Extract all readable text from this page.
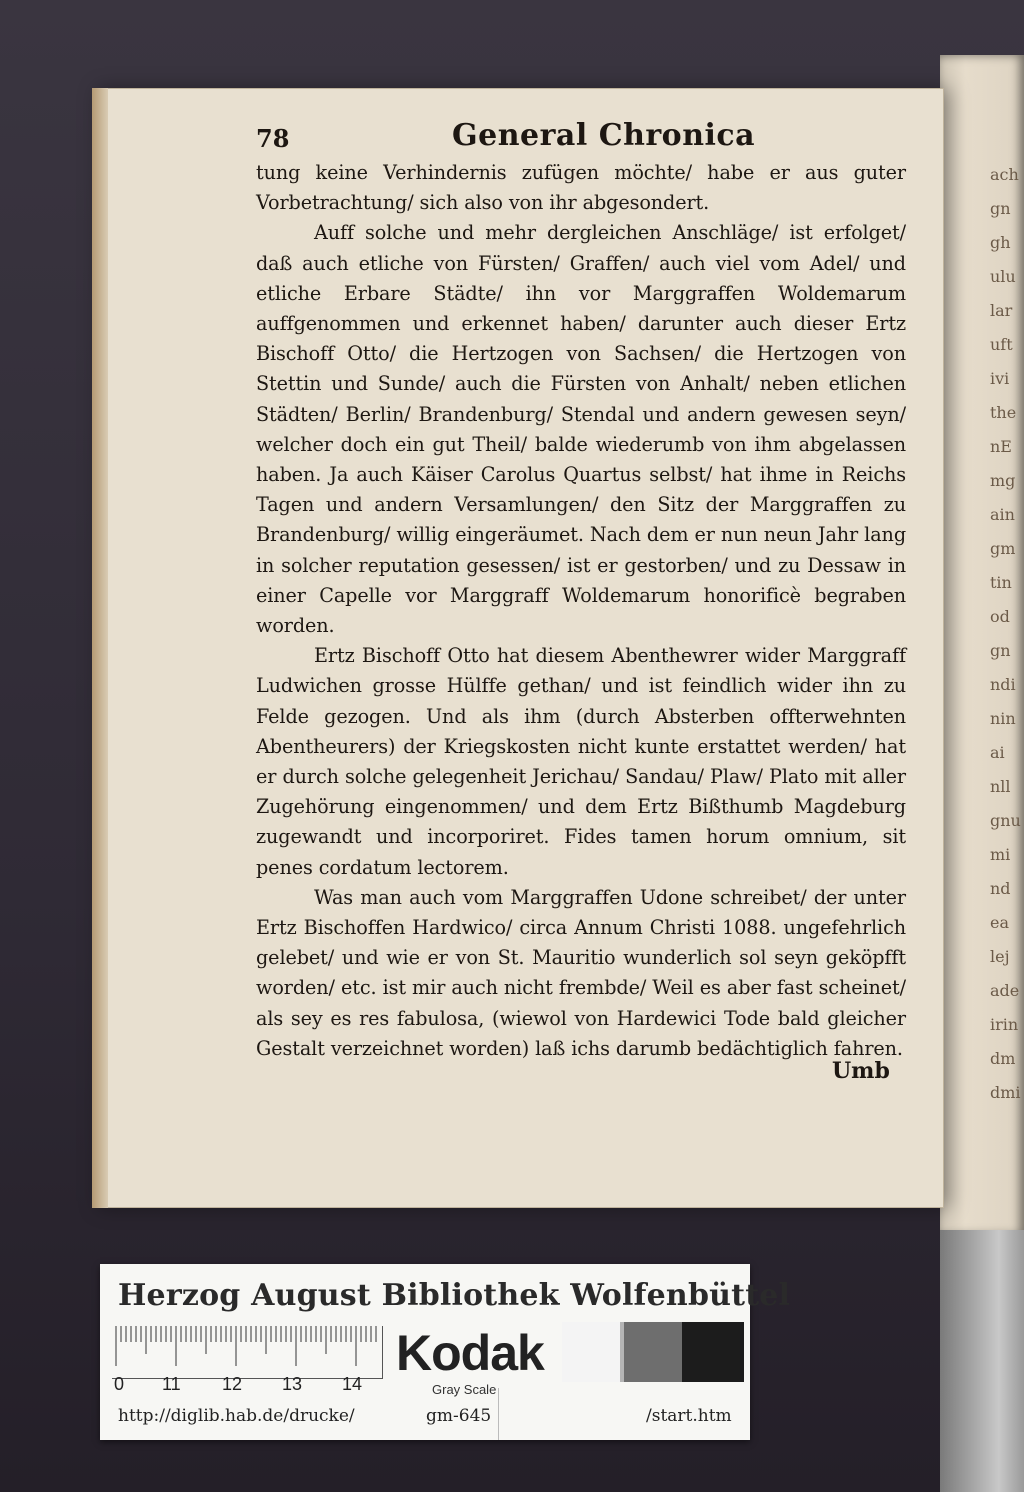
ach
gn
gh
ulu
lar
uft
ivi
the
nE
mg
ain
gm
tin
od
gn
ndi
nin
ai
nll
gnu
mi
nd
ea
lej
ade
irin
dm
dmi
78	General Chronica

tung keine Verhindernis zufügen möchte/ habe er aus guter Vorbetrachtung/ sich also von ihr abgesondert.

Auff solche und mehr dergleichen Anschläge/ ist erfolget/ daß auch etliche von Fürsten/ Graffen/ auch viel vom Adel/ und etliche Erbare Städte/ ihn vor Marggraffen Woldemarum auffgenommen und erkennet haben/ darunter auch dieser Ertz Bischoff Otto/ die Hertzogen von Sachsen/ die Hertzogen von Stettin und Sunde/ auch die Fürsten von Anhalt/ neben etlichen Städten/ Berlin/ Brandenburg/ Stendal und andern gewesen seyn/ welcher doch ein gut Theil/ balde wiederumb von ihm abgelassen haben. Ja auch Käiser Carolus Quartus selbst/ hat ihme in Reichs Tagen und andern Versamlungen/ den Sitz der Marggraffen zu Brandenburg/ willig eingeräumet. Nach dem er nun neun Jahr lang in solcher reputation gesessen/ ist er gestorben/ und zu Dessaw in einer Capelle vor Marggraff Woldemarum honorificè begraben worden.

Ertz Bischoff Otto hat diesem Abenthewrer wider Marggraff Ludwichen grosse Hülffe gethan/ und ist feindlich wider ihn zu Felde gezogen. Und als ihm (durch Absterben offterwehnten Abentheurers) der Kriegskosten nicht kunte erstattet werden/ hat er durch solche gelegenheit Jerichau/ Sandau/ Plaw/ Plato mit aller Zugehörung eingenommen/ und dem Ertz Bißthumb Magdeburg zugewandt und incorporiret. Fides tamen horum omnium, sit penes cordatum lectorem.

Was man auch vom Marggraffen Udone schreibet/ der unter Ertz Bischoffen Hardwico/ circa Annum Christi 1088. ungefehrlich gelebet/ und wie er von St. Mauritio wunderlich sol seyn geköpfft worden/ etc. ist mir auch nicht frembde/ Weil es aber fast scheinet/ als sey es res fabulosa, (wiewol von Hardewici Tode bald gleicher Gestalt verzeichnet worden) laß ichs darumb bedächtiglich fahren.

Umb
Herzog August Bibliothek Wolfenbüttel
0 11 12 13 14
Kodak
Gray Scale
http://diglib.hab.de/drucke/	gm-645	/start.htm
